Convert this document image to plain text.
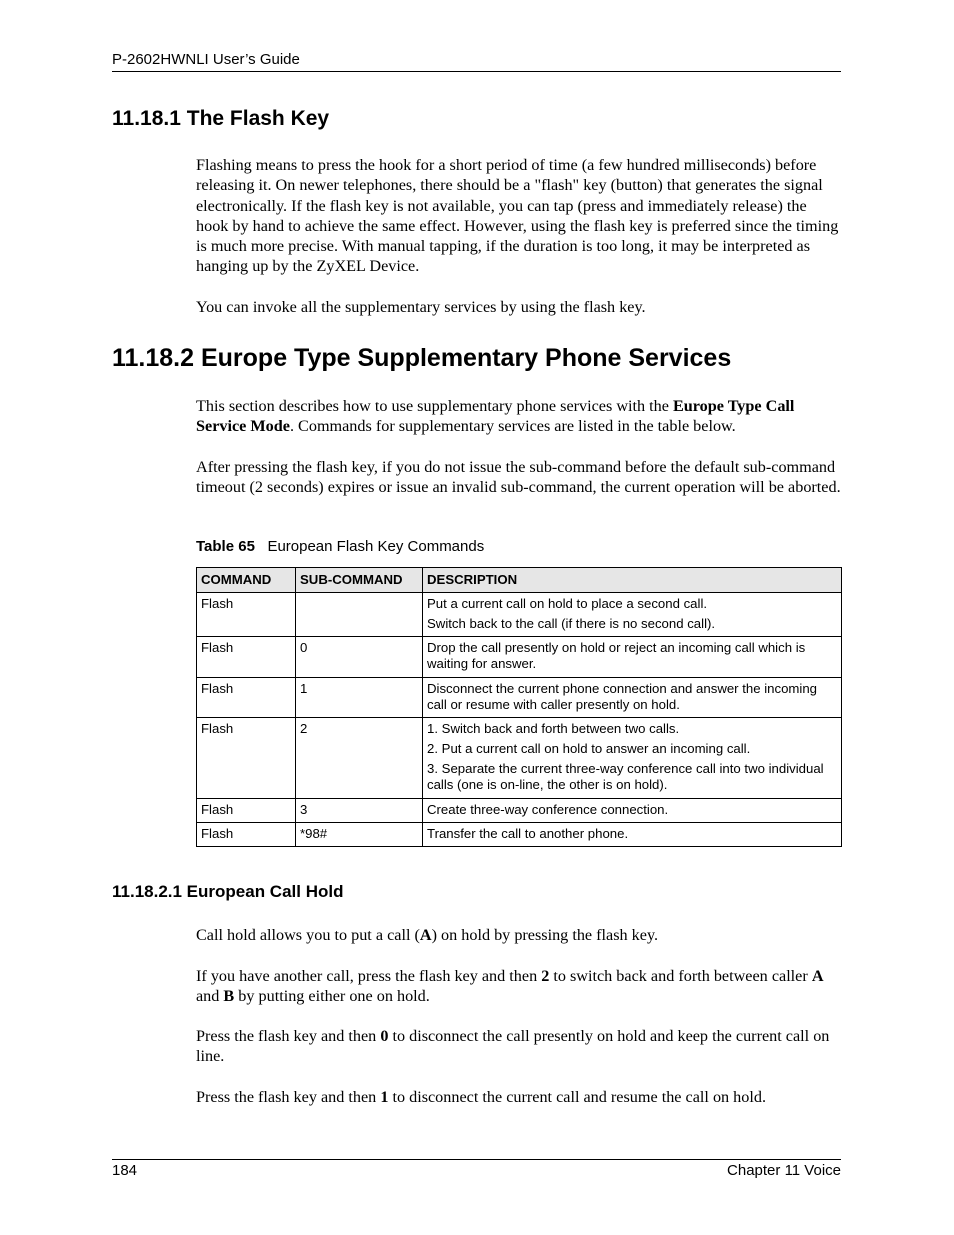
P-2602HWNLI User’s Guide
11.18.1 The Flash Key

Flashing means to press the hook for a short period of time (a few hundred milliseconds) before releasing it. On newer telephones, there should be a "flash" key (button) that generates the signal electronically. If the flash key is not available, you can tap (press and immediately release) the hook by hand to achieve the same effect. However, using the flash key is preferred since the timing is much more precise. With manual tapping, if the duration is too long, it may be interpreted as hanging up by the ZyXEL Device.

You can invoke all the supplementary services by using the flash key.

11.18.2 Europe Type Supplementary Phone Services

This section describes how to use supplementary phone services with the Europe Type Call Service Mode. Commands for supplementary services are listed in the table below.

After pressing the flash key, if you do not issue the sub-command before the default sub-command timeout (2 seconds) expires or issue an invalid sub-command, the current operation will be aborted.

Table 65 European Flash Key Commands
COMMAND	SUB-COMMAND	DESCRIPTION
Flash		Put a current call on hold to place a second call.
Switch back to the call (if there is no second call).

Flash	0	Drop the call presently on hold or reject an incoming call which is waiting for answer.

Flash	1	Disconnect the current phone connection and answer the incoming call or resume with caller presently on hold.

Flash	2	1. Switch back and forth between two calls.
2. Put a current call on hold to answer an incoming call.
3. Separate the current three-way conference call into two individual calls (one is on-line, the other is on hold).

Flash	3	Create three-way conference connection.

Flash	*98#	Transfer the call to another phone.
11.18.2.1 European Call Hold

Call hold allows you to put a call (A) on hold by pressing the flash key.

If you have another call, press the flash key and then 2 to switch back and forth between caller A and B by putting either one on hold.

Press the flash key and then 0 to disconnect the call presently on hold and keep the current call on line.

Press the flash key and then 1 to disconnect the current call and resume the call on hold.

184	Chapter 11 Voice
